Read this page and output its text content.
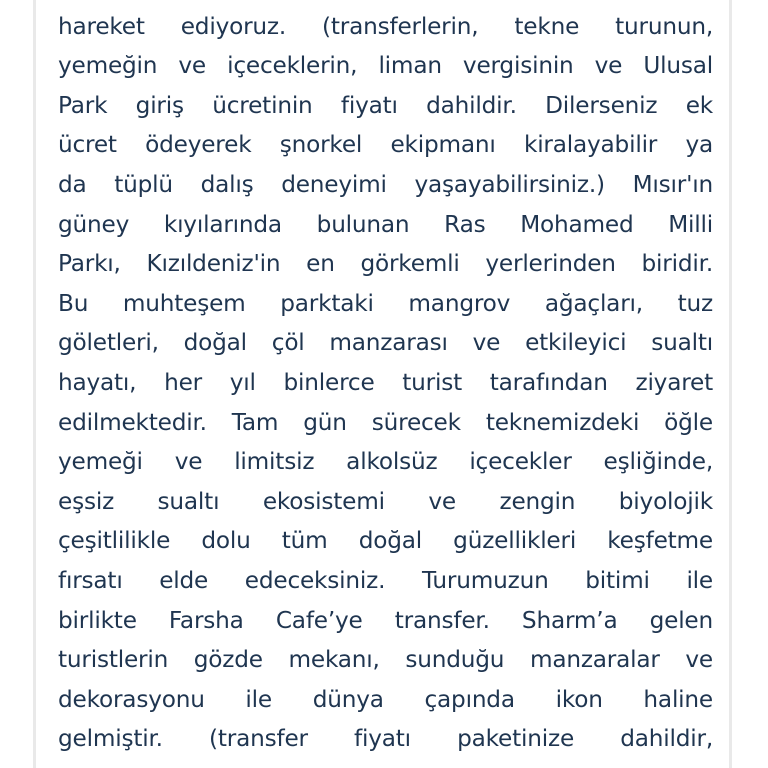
hareket ediyoruz. (transferlerin, tekne turunun,
yemeğin ve içeceklerin, liman vergisinin ve Ulusal
Park giriş ücretinin fiyatı dahildir. Dilerseniz ek
ücret ödeyerek şnorkel ekipmanı kiralayabilir ya
da tüplü dalış deneyimi yaşayabilirsiniz.) Mısır'ın
güney kıyılarında bulunan Ras Mohamed Milli
Parkı, Kızıldeniz'in en görkemli yerlerinden biridir.
Bu muhteşem parktaki mangrov ağaçları, tuz
göletleri, doğal çöl manzarası ve etkileyici sualtı
hayatı, her yıl binlerce turist tarafından ziyaret
edilmektedir. Tam gün sürecek teknemizdeki öğle
yemeği ve limitsiz alkolsüz içecekler eşliğinde,
eşsiz sualtı ekosistemi ve zengin biyolojik
çeşitlilikle dolu tüm doğal güzellikleri keşfetme
fırsatı elde edeceksiniz. Turumuzun bitimi ile
birlikte Farsha Cafe’ye transfer. Sharm’a gelen
turistlerin gözde mekanı, sunduğu manzaralar ve
dekorasyonu ile dünya çapında ikon haline
gelmiştir. (transfer fiyatı paketinize dahildir,
